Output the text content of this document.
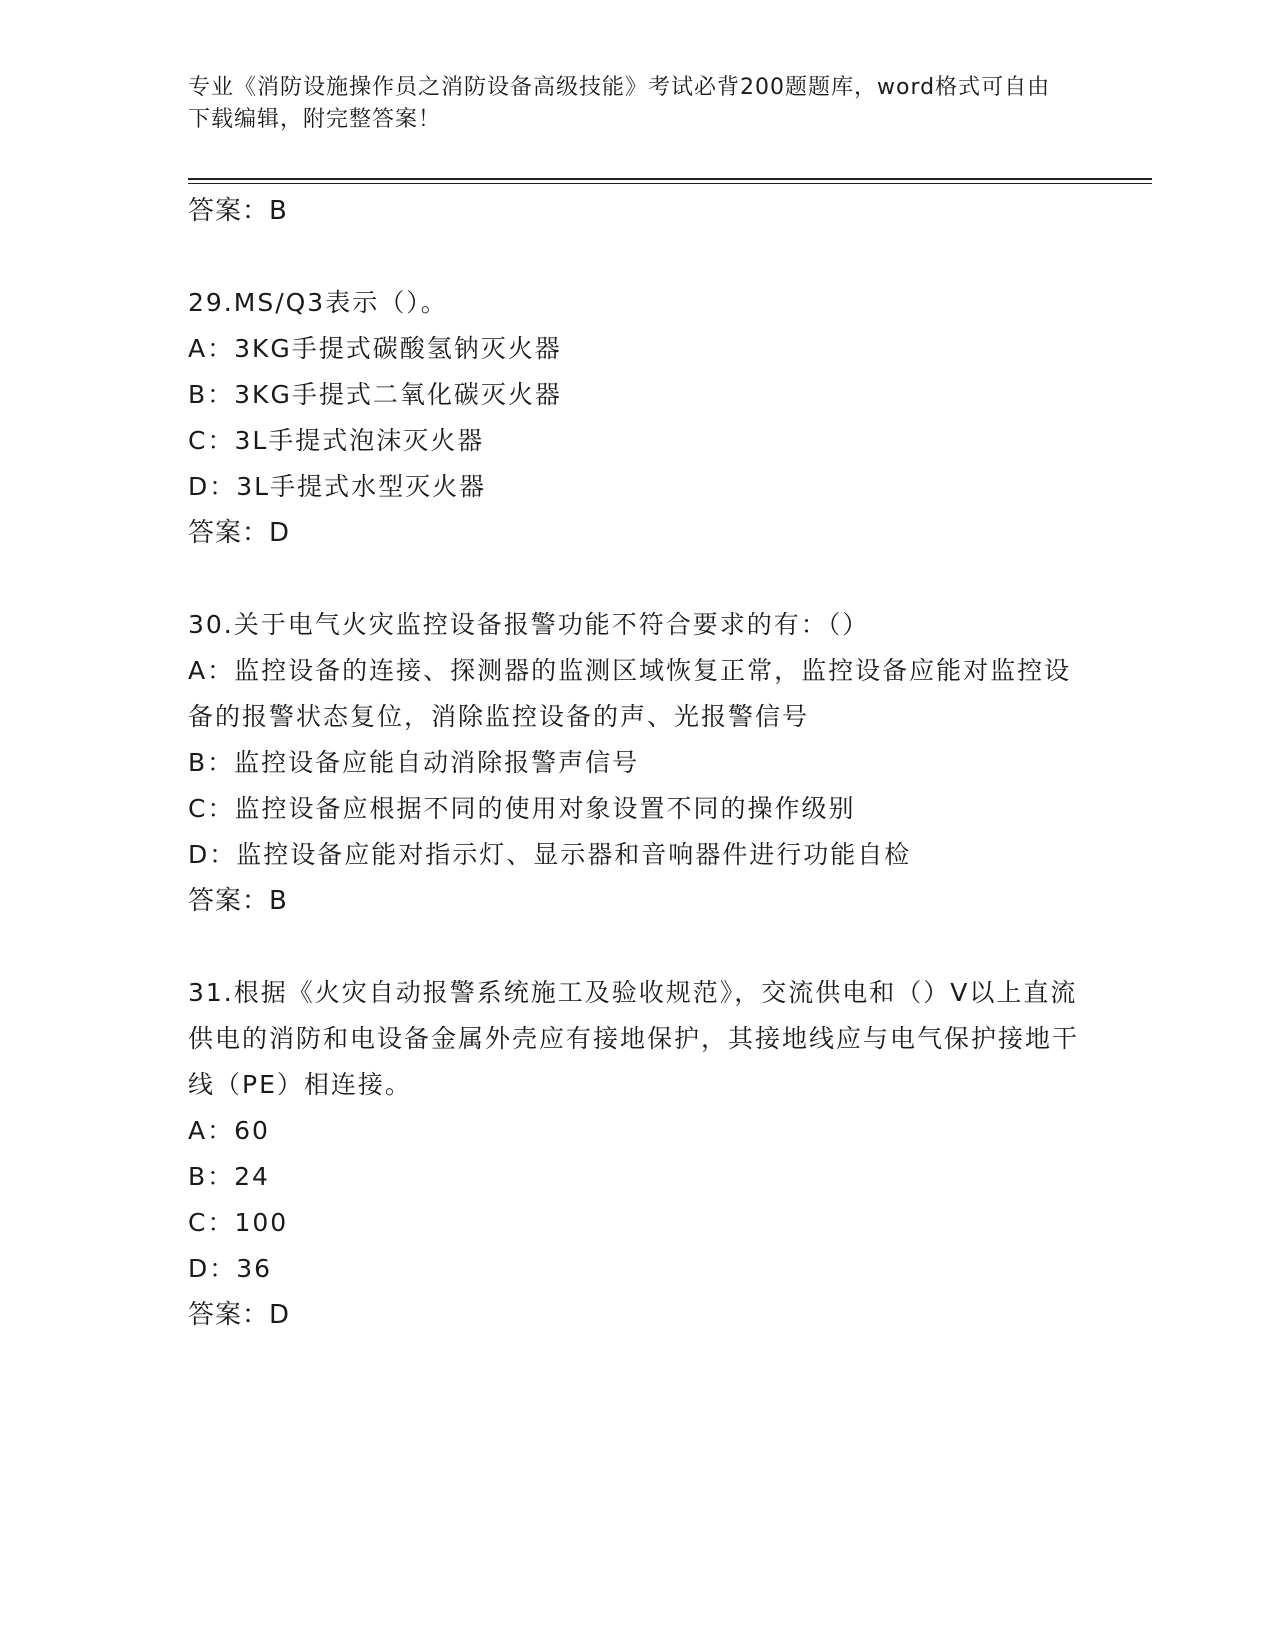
专业《消防设施操作员之消防设备高级技能》考试必背200题题库，word格式可自由下载编辑，附完整答案！
答案：B
29.MS/Q3表示（）。
A：3KG手提式碳酸氢钠灭火器
B：3KG手提式二氧化碳灭火器
C：3L手提式泡沫灭火器
D：3L手提式水型灭火器
答案：D
30.关于电气火灾监控设备报警功能不符合要求的有：（）
A：监控设备的连接、探测器的监测区域恢复正常，监控设备应能对监控设备的报警状态复位，消除监控设备的声、光报警信号
B：监控设备应能自动消除报警声信号
C：监控设备应根据不同的使用对象设置不同的操作级别
D：监控设备应能对指示灯、显示器和音响器件进行功能自检
答案：B
31.根据《火灾自动报警系统施工及验收规范》，交流供电和（）V以上直流供电的消防和电设备金属外壳应有接地保护，其接地线应与电气保护接地干线（PE）相连接。
A：60
B：24
C：100
D：36
答案：D
